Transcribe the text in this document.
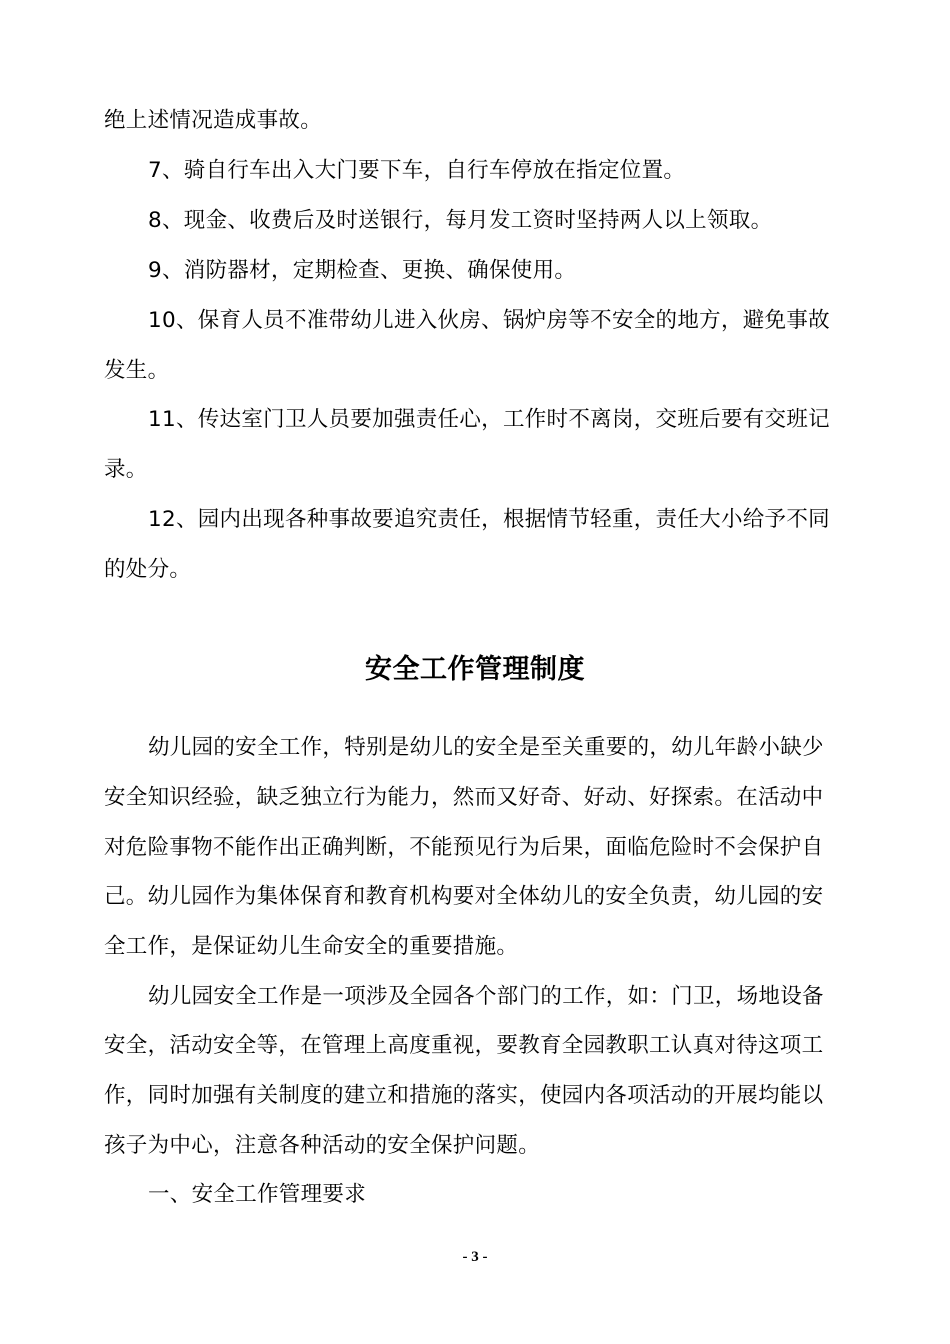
绝上述情况造成事故。
7、骑自行车出入大门要下车，自行车停放在指定位置。
8、现金、收费后及时送银行，每月发工资时坚持两人以上领取。
9、消防器材，定期检查、更换、确保使用。
10、保育人员不准带幼儿进入伙房、锅炉房等不安全的地方，避免事故
发生。
11、传达室门卫人员要加强责任心，工作时不离岗，交班后要有交班记
录。
12、园内出现各种事故要追究责任，根据情节轻重，责任大小给予不同
的处分。
安全工作管理制度
幼儿园的安全工作，特别是幼儿的安全是至关重要的，幼儿年龄小缺少
安全知识经验，缺乏独立行为能力，然而又好奇、好动、好探索。在活动中
对危险事物不能作出正确判断，不能预见行为后果，面临危险时不会保护自
己。幼儿园作为集体保育和教育机构要对全体幼儿的安全负责，幼儿园的安
全工作，是保证幼儿生命安全的重要措施。
幼儿园安全工作是一项涉及全园各个部门的工作，如：门卫，场地设备
安全，活动安全等，在管理上高度重视，要教育全园教职工认真对待这项工
作，同时加强有关制度的建立和措施的落实，使园内各项活动的开展均能以
孩子为中心，注意各种活动的安全保护问题。
一、安全工作管理要求
- 3 -
